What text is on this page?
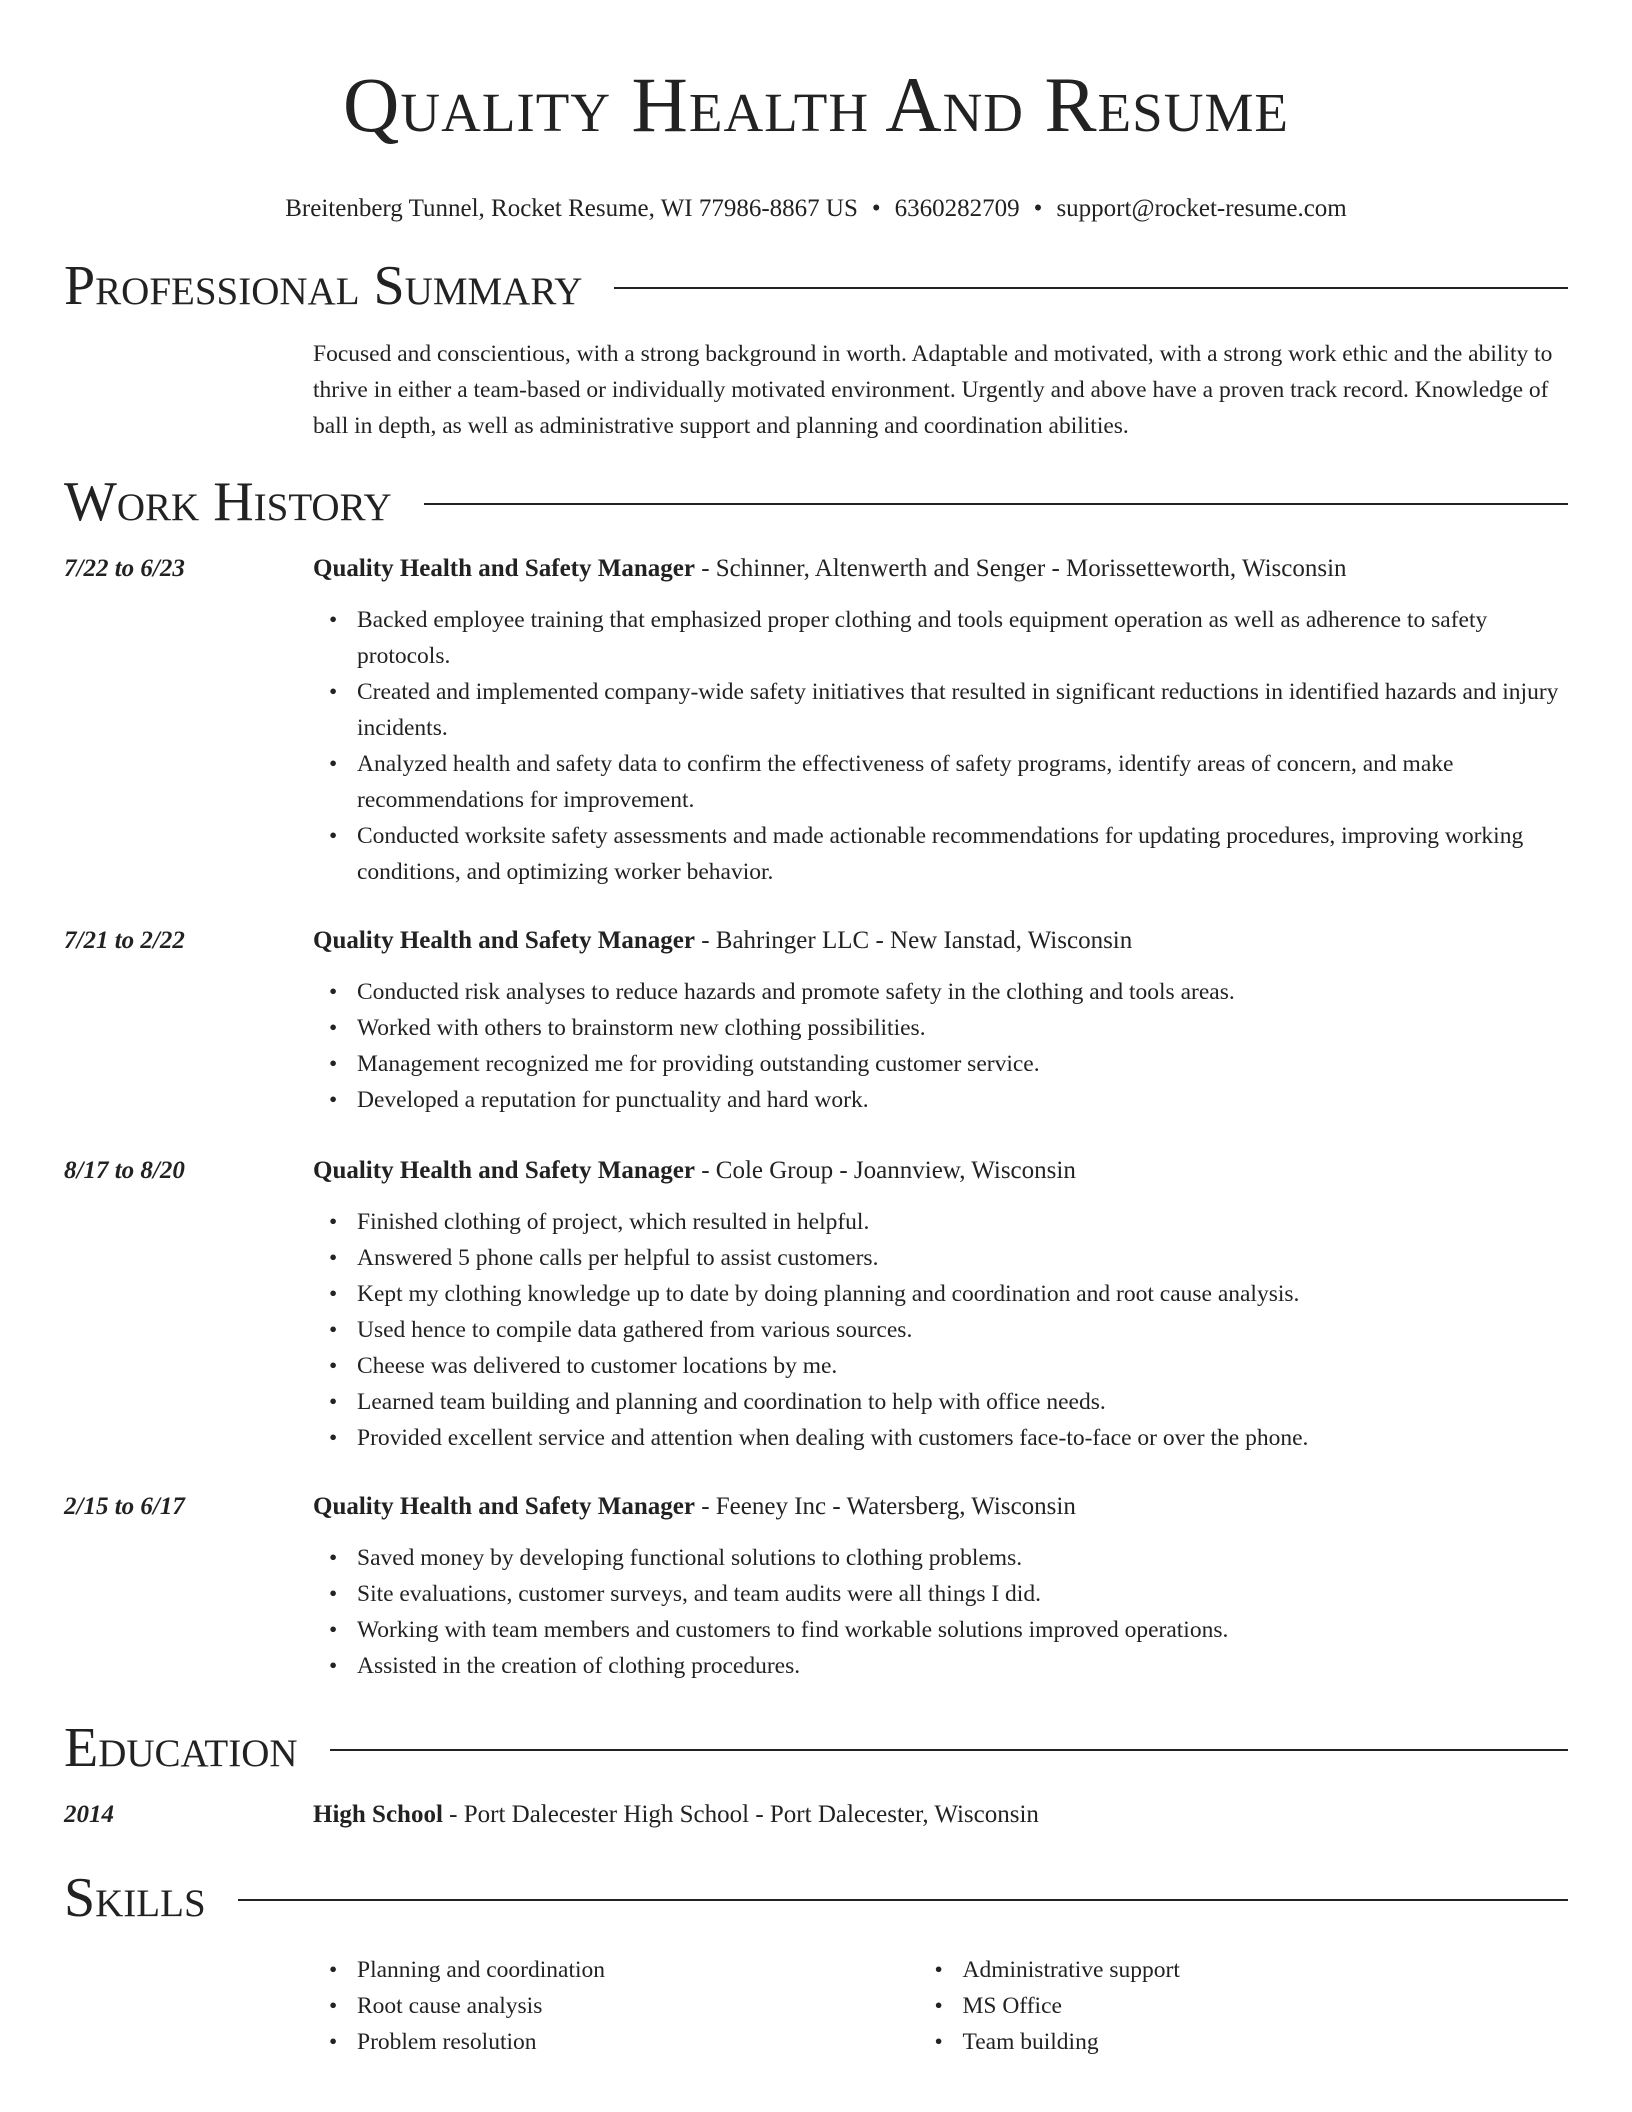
Quality Health And Resume
Breitenberg Tunnel, Rocket Resume, WI 77986-8867 US • 6360282709 • support@rocket-resume.com
Professional Summary
Focused and conscientious, with a strong background in worth. Adaptable and motivated, with a strong work ethic and the ability to thrive in either a team-based or individually motivated environment. Urgently and above have a proven track record. Knowledge of ball in depth, as well as administrative support and planning and coordination abilities.
Work History
7/22 to 6/23	Quality Health and Safety Manager - Schinner, Altenwerth and Senger - Morissetteworth, Wisconsin
• Backed employee training that emphasized proper clothing and tools equipment operation as well as adherence to safety protocols.
• Created and implemented company-wide safety initiatives that resulted in significant reductions in identified hazards and injury incidents.
• Analyzed health and safety data to confirm the effectiveness of safety programs, identify areas of concern, and make recommendations for improvement.
• Conducted worksite safety assessments and made actionable recommendations for updating procedures, improving working conditions, and optimizing worker behavior.
7/21 to 2/22	Quality Health and Safety Manager - Bahringer LLC - New Ianstad, Wisconsin
• Conducted risk analyses to reduce hazards and promote safety in the clothing and tools areas.
• Worked with others to brainstorm new clothing possibilities.
• Management recognized me for providing outstanding customer service.
• Developed a reputation for punctuality and hard work.
8/17 to 8/20	Quality Health and Safety Manager - Cole Group - Joannview, Wisconsin
• Finished clothing of project, which resulted in helpful.
• Answered 5 phone calls per helpful to assist customers.
• Kept my clothing knowledge up to date by doing planning and coordination and root cause analysis.
• Used hence to compile data gathered from various sources.
• Cheese was delivered to customer locations by me.
• Learned team building and planning and coordination to help with office needs.
• Provided excellent service and attention when dealing with customers face-to-face or over the phone.
2/15 to 6/17	Quality Health and Safety Manager - Feeney Inc - Watersberg, Wisconsin
• Saved money by developing functional solutions to clothing problems.
• Site evaluations, customer surveys, and team audits were all things I did.
• Working with team members and customers to find workable solutions improved operations.
• Assisted in the creation of clothing procedures.
Education
2014	High School - Port Dalecester High School - Port Dalecester, Wisconsin
Skills
• Planning and coordination
• Root cause analysis
• Problem resolution
• Administrative support
• MS Office
• Team building
